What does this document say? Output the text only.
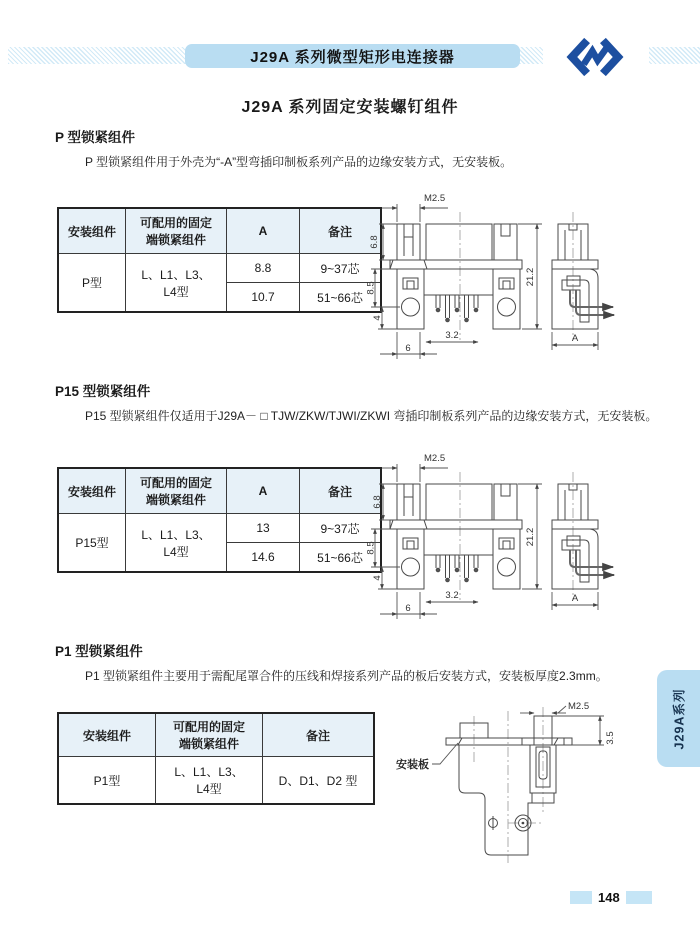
J29A 系列微型矩形电连接器
J29A 系列固定安装螺钉组件
P 型锁紧组件
P 型锁紧组件用于外壳为“-A”型弯插印制板系列产品的边缘安装方式，无安装板。
安装组件	可配用的固定
端锁紧组件	A	备注
P型	L、L1、L3、
L4型	8.8	9~37芯
		10.7	51~66芯
M2.5
6.8
8.5
4
21.2
3.2
6
A
P15 型锁紧组件
P15 型锁紧组件仅适用于J29A－ □ TJW/ZKW/TJWI/ZKWI 弯插印制板系列产品的边缘安装方式，无安装板。
安装组件	可配用的固定
端锁紧组件	A	备注
P15型	L、L1、L3、
L4型	13	9~37芯
		14.6	51~66芯
M2.5
6.8
8.5
4
21.2
3.2
6
A
P1 型锁紧组件
P1 型锁紧组件主要用于需配尾罩合件的压线和焊接系列产品的板后安装方式，安装板厚度2.3mm。
安装组件	可配用的固定
端锁紧组件	备注
P1型	L、L1、L3、
L4型	D、D1、D2 型
M2.5
3.5
安装板
J29A系列
148
